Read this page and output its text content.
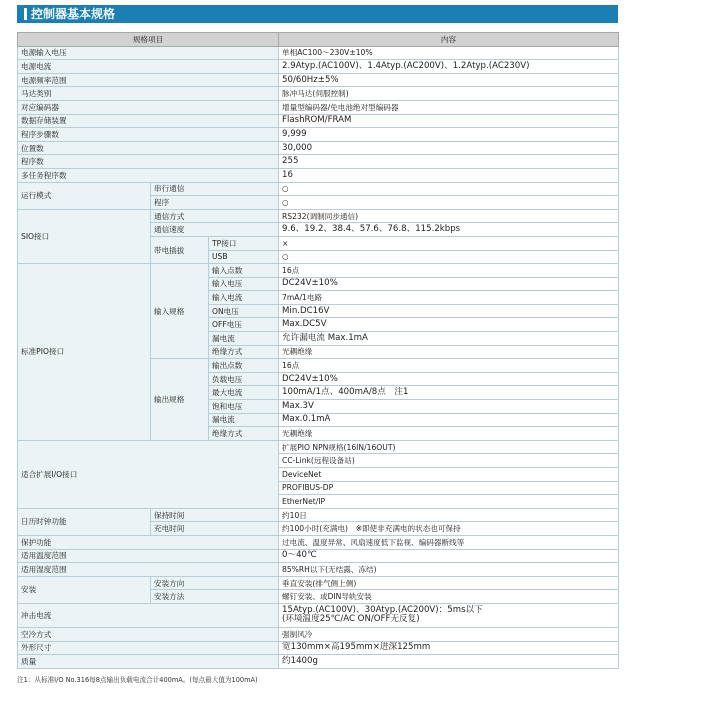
控制器基本规格
规格项目			内容
电源输入电压			单相AC100～230V±10%
电源电流			2.9Atyp.(AC100V)、1.4Atyp.(AC200V)、1.2Atyp.(AC230V)
电源频率范围			50/60Hz±5%
马达类别			脉冲马达(伺服控制)
对应编码器			增量型编码器/免电池绝对型编码器
数据存储装置			FlashROM/FRAM
程序步骤数			9,999
位置数			30,000
程序数			255
多任务程序数			16
运行模式	串行通信		○
	程序		○
SIO接口	通信方式		RS232(调制同步通信)
	通信速度		9.6、19.2、38.4、57.6、76.8、115.2kbps
	带电插拔	TP接口	×
		USB	○
标准PIO接口	输入规格	输入点数	16点
		输入电压	DC24V±10%
		输入电流	7mA/1电路
		ON电压	Min.DC16V
		OFF电压	Max.DC5V
		漏电流	允许漏电流 Max.1mA
		绝缘方式	光耦绝缘
	输出规格	输出点数	16点
		负载电压	DC24V±10%
		最大电流	100mA/1点、400mA/8点　注1
		饱和电压	Max.3V
		漏电流	Max.0.1mA
		绝缘方式	光耦绝缘
适合扩展I/O接口			扩展PIO NPN规格(16IN/16OUT)
			CC-Link(远程设备站)
			DeviceNet
			PROFIBUS-DP
			EtherNet/IP
日历时钟功能	保持时间		约10日
	充电时间		约100小时(充满电)　※即使非充满电的状态也可保持
保护功能			过电流、温度异常、风扇速度低下监视、编码器断线等
适用温度范围			0～40℃
适用湿度范围			85%RH以下(无结露、冻结)
安装	安装方向		垂直安装(排气侧上侧)
	安装方法		螺钉安装、或DIN导轨安装
冲击电流			15Atyp.(AC100V)、30Atyp.(AC200V)：5ms以下
(环境温度25℃/AC ON/OFF无反复)
空冷方式			强制风冷
外形尺寸			宽130mm×高195mm×进深125mm
质量			约1400g
注1：从标准I/O No.316每8点输出负载电流合计400mA。(每点最大值为100mA)
